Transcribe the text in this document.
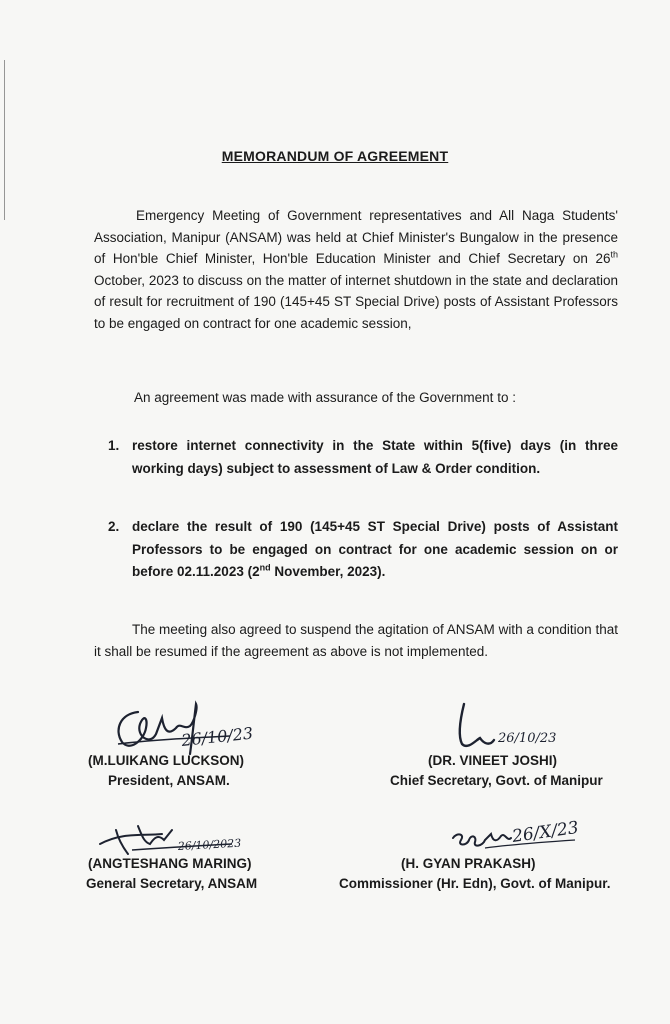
MEMORANDUM OF AGREEMENT
Emergency Meeting of Government representatives and All Naga Students' Association, Manipur (ANSAM) was held at Chief Minister's Bungalow in the presence of Hon'ble Chief Minister, Hon'ble Education Minister and Chief Secretary on 26th October, 2023 to discuss on the matter of internet shutdown in the state and declaration of result for recruitment of 190 (145+45 ST Special Drive) posts of Assistant Professors to be engaged on contract for one academic session,
An agreement was made with assurance of the Government to :
1. restore internet connectivity in the State within 5(five) days (in three working days) subject to assessment of Law & Order condition.
2. declare the result of 190 (145+45 ST Special Drive) posts of Assistant Professors to be engaged on contract for one academic session on or before 02.11.2023 (2nd November, 2023).
The meeting also agreed to suspend the agitation of ANSAM with a condition that it shall be resumed if the agreement as above is not implemented.
26/10/23
(M.LUIKANG LUCKSON)
President, ANSAM.
26/10/23
(DR. VINEET JOSHI)
Chief Secretary, Govt. of Manipur
26/10/2023
(ANGTESHANG MARING)
General Secretary, ANSAM
26/X/23
(H. GYAN PRAKASH)
Commissioner (Hr. Edn), Govt. of Manipur.
